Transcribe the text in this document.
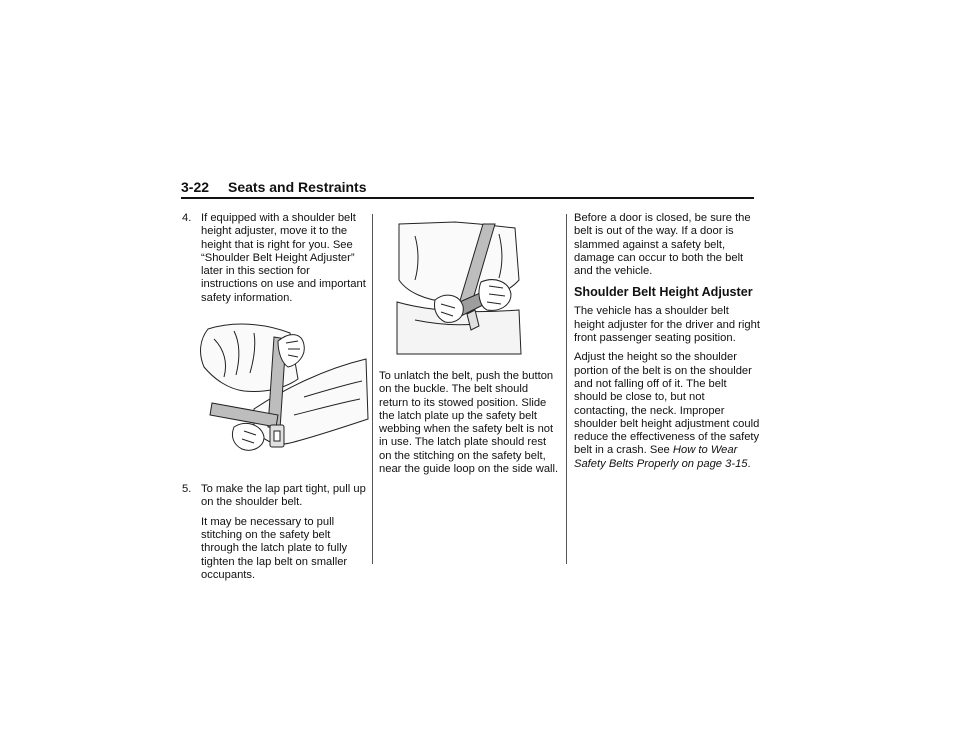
3-22 Seats and Restraints

4. If equipped with a shoulder belt height adjuster, move it to the height that is right for you. See “Shoulder Belt Height Adjuster” later in this section for instructions on use and important safety information.

5. To make the lap part tight, pull up on the shoulder belt.

It may be necessary to pull stitching on the safety belt through the latch plate to fully tighten the lap belt on smaller occupants.

To unlatch the belt, push the button on the buckle. The belt should return to its stowed position. Slide the latch plate up the safety belt webbing when the safety belt is not in use. The latch plate should rest on the stitching on the safety belt, near the guide loop on the side wall.

Before a door is closed, be sure the belt is out of the way. If a door is slammed against a safety belt, damage can occur to both the belt and the vehicle.

Shoulder Belt Height Adjuster

The vehicle has a shoulder belt height adjuster for the driver and right front passenger seating position.

Adjust the height so the shoulder portion of the belt is on the shoulder and not falling off of it. The belt should be close to, but not contacting, the neck. Improper shoulder belt height adjustment could reduce the effectiveness of the safety belt in a crash. See How to Wear Safety Belts Properly on page 3-15.
